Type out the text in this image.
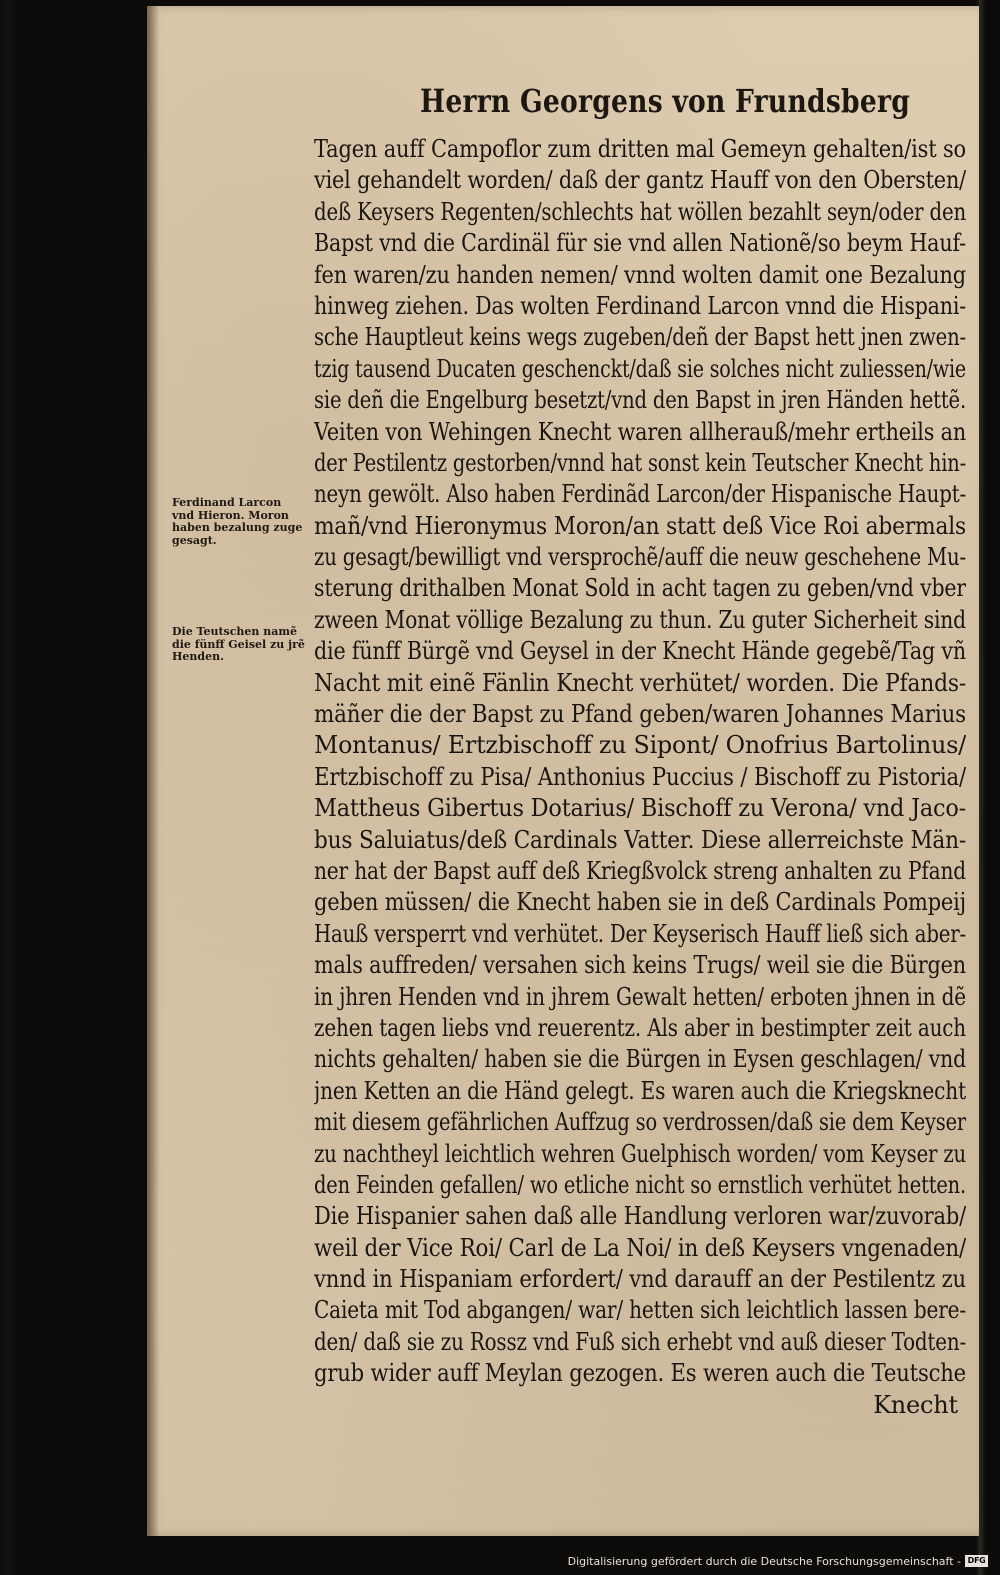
Herrn Georgens von Frundsberg
Tagen auff Campoflor zum dritten mal Gemeyn gehalten/ist so
viel gehandelt worden/ daß der gantz Hauff von den Obersten/
deß Keysers Regenten/schlechts hat wöllen bezahlt seyn/oder den
Bapst vnd die Cardinäl für sie vnd allen Nationẽ/so beym Hauf-
fen waren/zu handen nemen/ vnnd wolten damit one Bezalung
hinweg ziehen. Das wolten Ferdinand Larcon vnnd die Hispani-
sche Hauptleut keins wegs zugeben/deñ der Bapst hett jnen zwen-
tzig tausend Ducaten geschenckt/daß sie solches nicht zuliessen/wie
sie deñ die Engelburg besetzt/vnd den Bapst in jren Händen hettẽ.
Veiten von Wehingen Knecht waren allherauß/mehr ertheils an
der Pestilentz gestorben/vnnd hat sonst kein Teutscher Knecht hin-
neyn gewölt. Also haben Ferdinãd Larcon/der Hispanische Haupt-
mañ/vnd Hieronymus Moron/an statt deß Vice Roi abermals
zu gesagt/bewilligt vnd versprochẽ/auff die neuw geschehene Mu-
sterung drithalben Monat Sold in acht tagen zu geben/vnd vber
zween Monat völlige Bezalung zu thun. Zu guter Sicherheit sind
die fünff Bürgẽ vnd Geysel in der Knecht Hände gegebẽ/Tag vñ
Nacht mit einẽ Fänlin Knecht verhütet/ worden. Die Pfands-
mäñer die der Bapst zu Pfand geben/waren Johannes Marius
Montanus/ Ertzbischoff zu Sipont/ Onofrius Bartolinus/
Ertzbischoff zu Pisa/ Anthonius Puccius / Bischoff zu Pistoria/
Mattheus Gibertus Dotarius/ Bischoff zu Verona/ vnd Jaco-
bus Saluiatus/deß Cardinals Vatter. Diese allerreichste Män-
ner hat der Bapst auff deß Kriegßvolck streng anhalten zu Pfand
geben müssen/ die Knecht haben sie in deß Cardinals Pompeij
Hauß versperrt vnd verhütet. Der Keyserisch Hauff ließ sich aber-
mals auffreden/ versahen sich keins Trugs/ weil sie die Bürgen
in jhren Henden vnd in jhrem Gewalt hetten/ erboten jhnen in dẽ
zehen tagen liebs vnd reuerentz. Als aber in bestimpter zeit auch
nichts gehalten/ haben sie die Bürgen in Eysen geschlagen/ vnd
jnen Ketten an die Händ gelegt. Es waren auch die Kriegsknecht
mit diesem gefährlichen Auffzug so verdrossen/daß sie dem Keyser
zu nachtheyl leichtlich wehren Guelphisch worden/ vom Keyser zu
den Feinden gefallen/ wo etliche nicht so ernstlich verhütet hetten.
Die Hispanier sahen daß alle Handlung verloren war/zuvorab/
weil der Vice Roi/ Carl de La Noi/ in deß Keysers vngenaden/
vnnd in Hispaniam erfordert/ vnd darauff an der Pestilentz zu
Caieta mit Tod abgangen/ war/ hetten sich leichtlich lassen bere-
den/ daß sie zu Rossz vnd Fuß sich erhebt vnd auß dieser Todten-
grub wider auff Meylan gezogen. Es weren auch die Teutsche
Knecht
Ferdinand Larcon
vnd Hieron. Moron
haben bezalung zuge
gesagt.
Die Teutschen namẽ
die fünff Geisel zu jrẽ
Henden.
Digitalisierung gefördert durch die Deutsche Forschungsgemeinschaft - DFG
